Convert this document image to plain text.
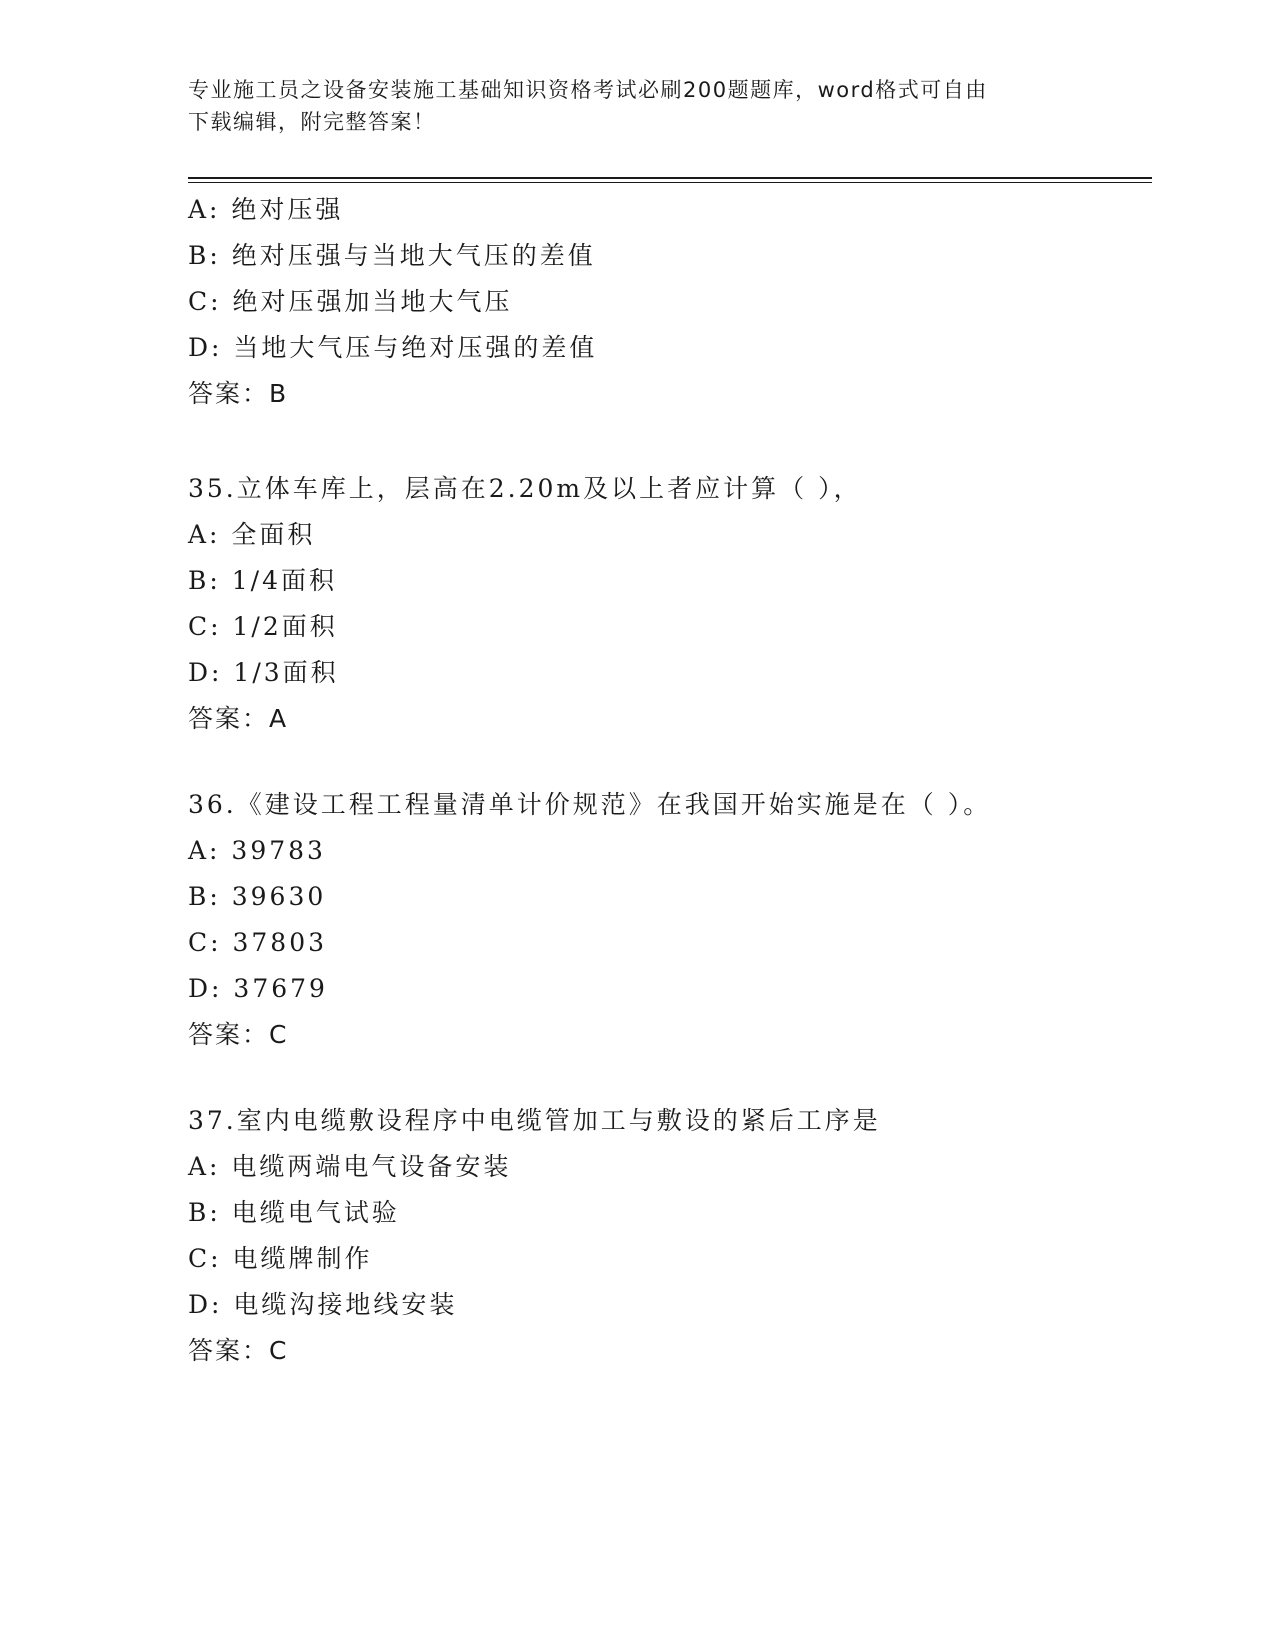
专业施工员之设备安装施工基础知识资格考试必刷200题题库，word格式可自由
下载编辑，附完整答案！
A: 绝对压强
B: 绝对压强与当地大气压的差值
C: 绝对压强加当地大气压
D: 当地大气压与绝对压强的差值
答案：B
35.立体车库上，层高在2.20m及以上者应计算（ ），
A: 全面积
B: 1/4面积
C: 1/2面积
D: 1/3面积
答案：A
36.《建设工程工程量清单计价规范》在我国开始实施是在（ ）。
A: 39783
B: 39630
C: 37803
D: 37679
答案：C
37.室内电缆敷设程序中电缆管加工与敷设的紧后工序是
A: 电缆两端电气设备安装
B: 电缆电气试验
C: 电缆牌制作
D: 电缆沟接地线安装
答案：C
